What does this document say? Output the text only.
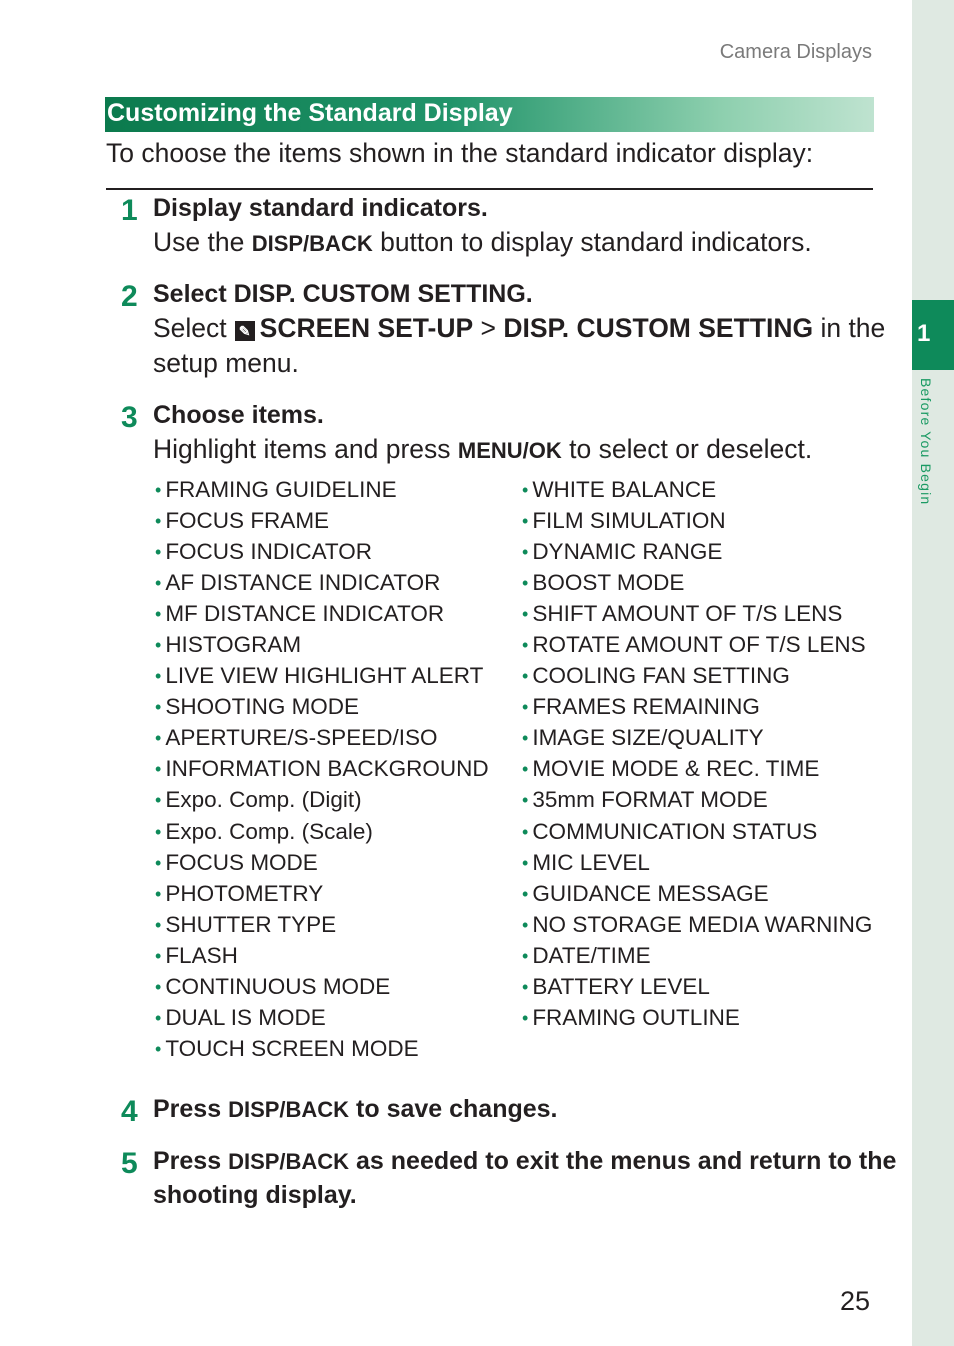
1
Before You Begin
Camera Displays
Customizing the Standard Display
To choose the items shown in the standard indicator display:
1 Display standard indicators.
Use the DISP/BACK button to display standard indicators.
2 Select DISP. CUSTOM SETTING.
Select ✎ SCREEN SET-UP > DISP. CUSTOM SETTING in the
setup menu.
3 Choose items.
Highlight items and press MENU/OK to select or deselect.
• FRAMING GUIDELINE
• FOCUS FRAME
• FOCUS INDICATOR
• AF DISTANCE INDICATOR
• MF DISTANCE INDICATOR
• HISTOGRAM
• LIVE VIEW HIGHLIGHT ALERT
• SHOOTING MODE
• APERTURE/S-SPEED/ISO
• INFORMATION BACKGROUND
• Expo. Comp. (Digit)
• Expo. Comp. (Scale)
• FOCUS MODE
• PHOTOMETRY
• SHUTTER TYPE
• FLASH
• CONTINUOUS MODE
• DUAL IS MODE
• TOUCH SCREEN MODE
• WHITE BALANCE
• FILM SIMULATION
• DYNAMIC RANGE
• BOOST MODE
• SHIFT AMOUNT OF T/S LENS
• ROTATE AMOUNT OF T/S LENS
• COOLING FAN SETTING
• FRAMES REMAINING
• IMAGE SIZE/QUALITY
• MOVIE MODE & REC. TIME
• 35mm FORMAT MODE
• COMMUNICATION STATUS
• MIC LEVEL
• GUIDANCE MESSAGE
• NO STORAGE MEDIA WARNING
• DATE/TIME
• BATTERY LEVEL
• FRAMING OUTLINE
4 Press DISP/BACK to save changes.
5 Press DISP/BACK as needed to exit the menus and return to the
shooting display.
25
